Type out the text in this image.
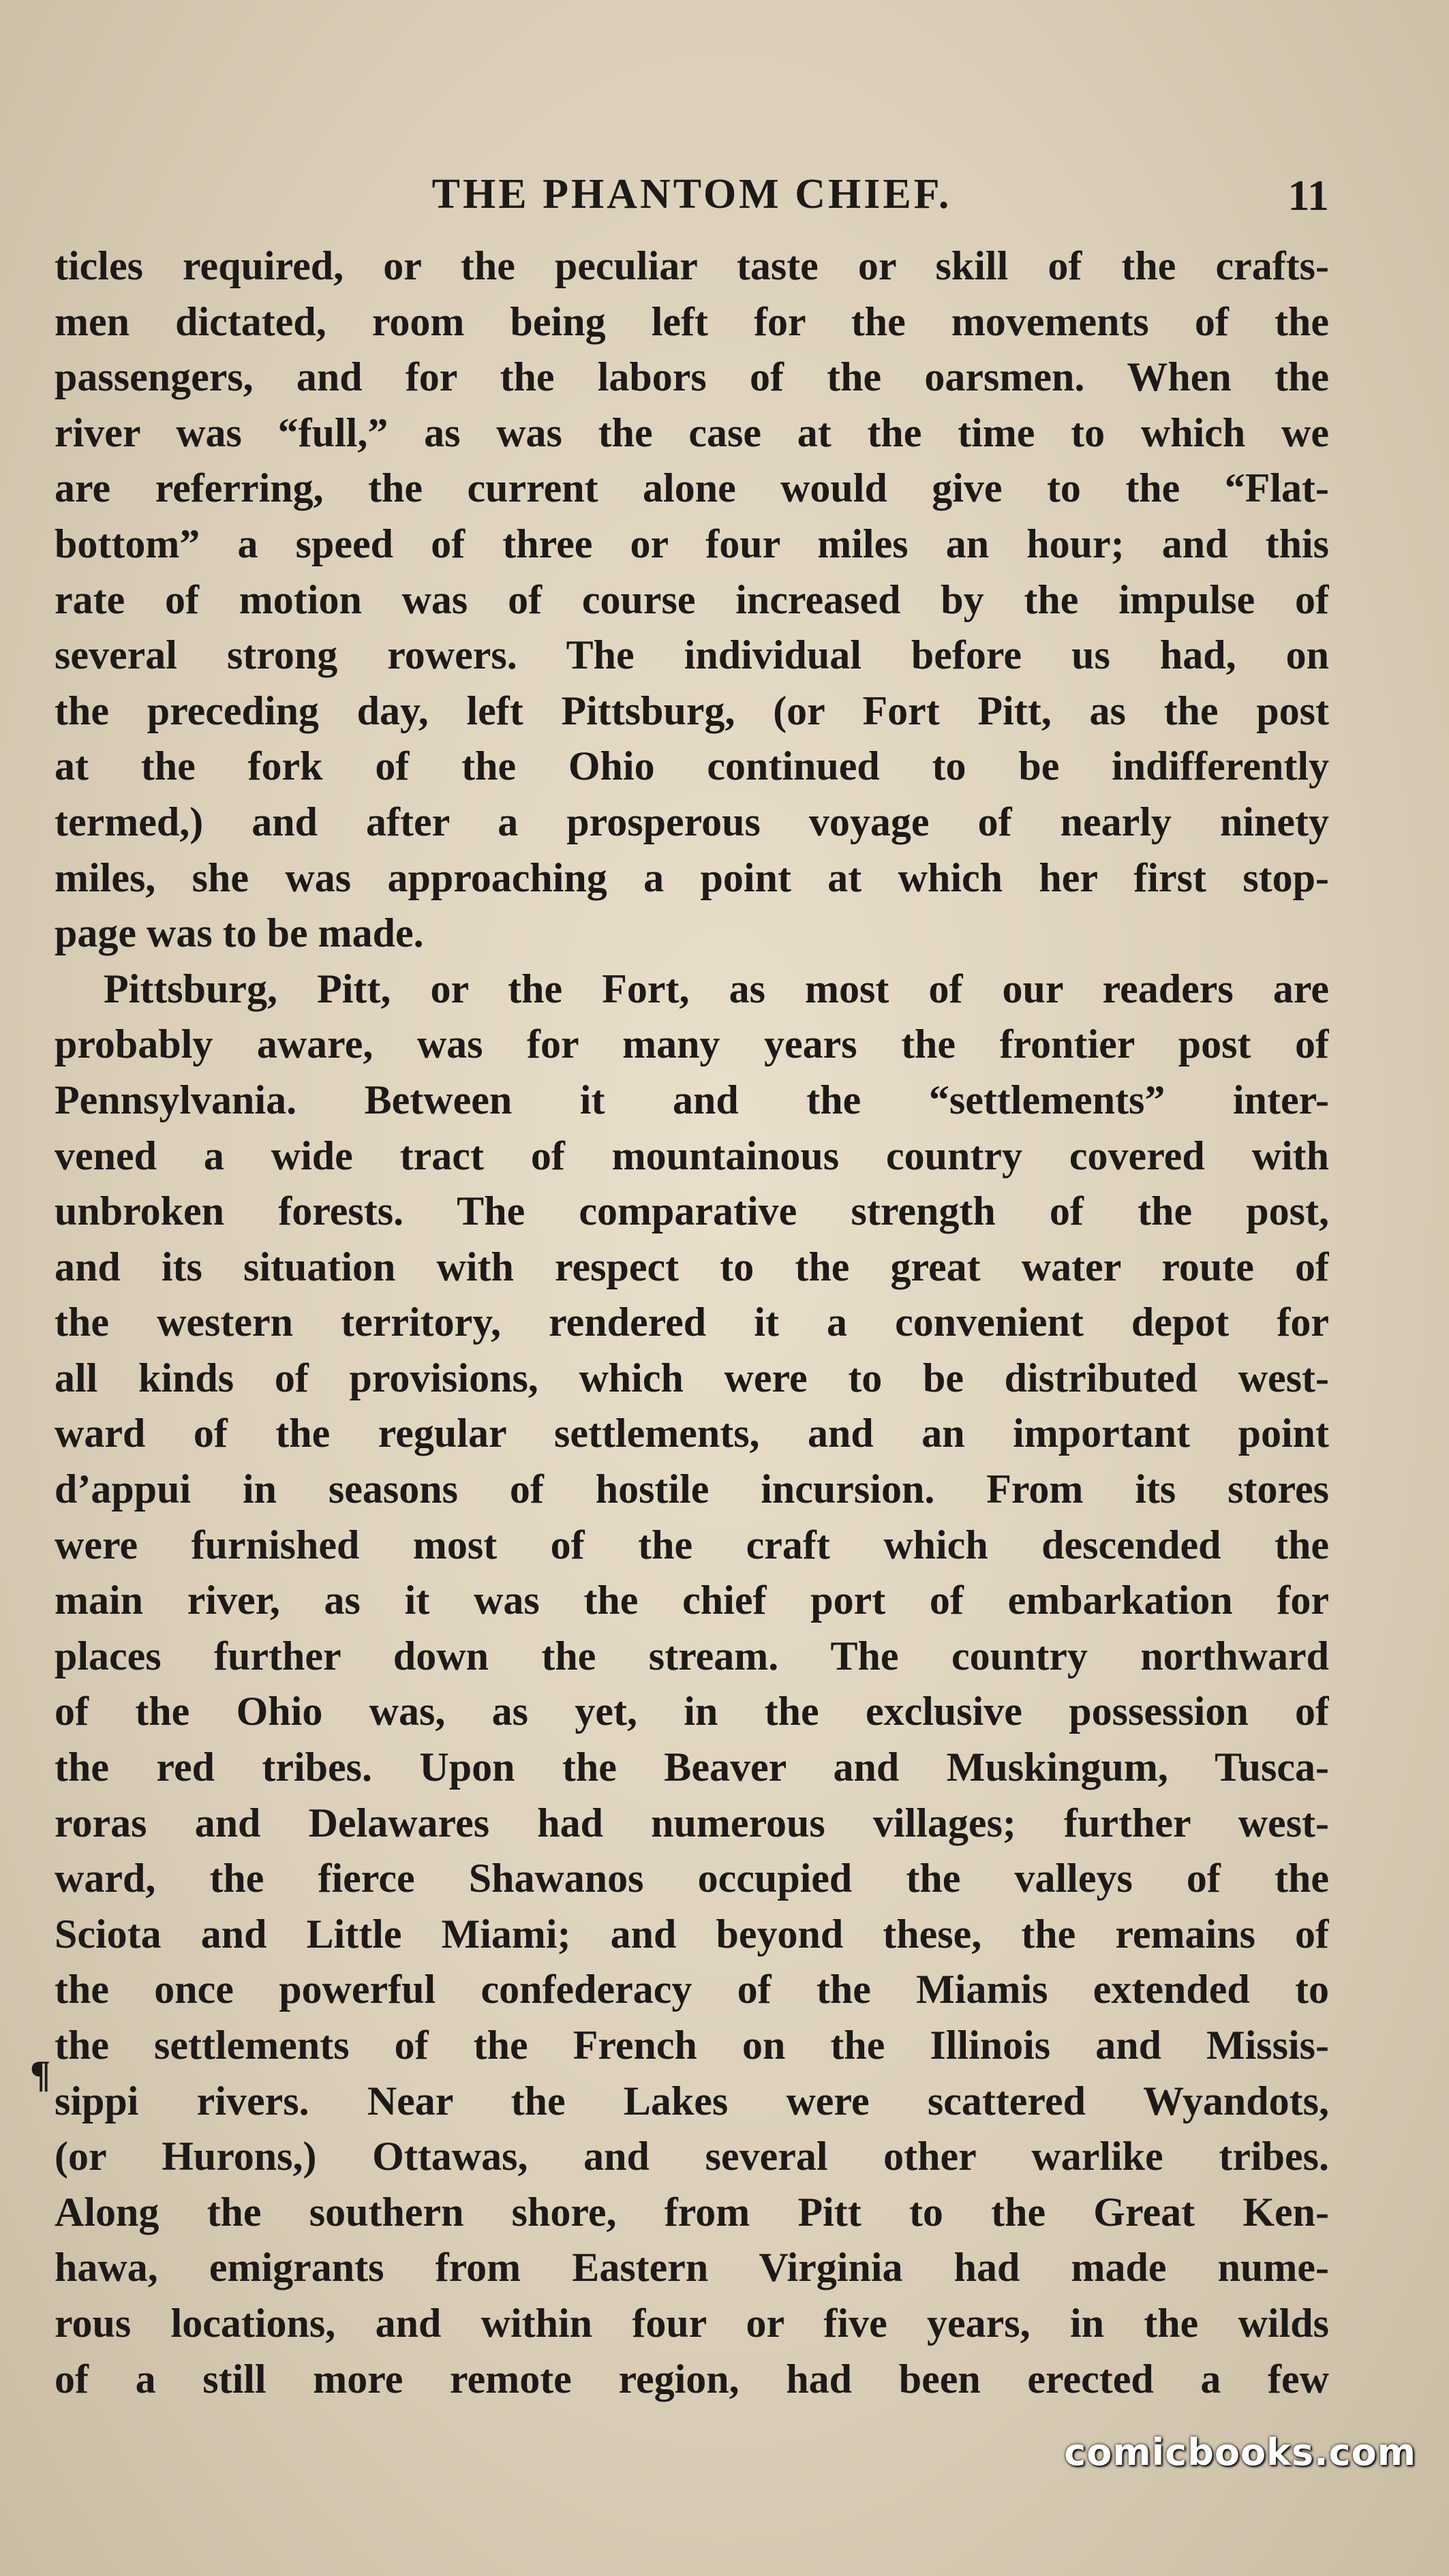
THE PHANTOM CHIEF.	11
ticles required, or the peculiar taste or skill of the crafts-
men dictated, room being left for the movements of the
passengers, and for the labors of the oarsmen. When the
river was “full,” as was the case at the time to which we
are referring, the current alone would give to the “Flat-
bottom” a speed of three or four miles an hour; and this
rate of motion was of course increased by the impulse of
several strong rowers. The individual before us had, on
the preceding day, left Pittsburg, (or Fort Pitt, as the post
at the fork of the Ohio continued to be indifferently
termed,) and after a prosperous voyage of nearly ninety
miles, she was approaching a point at which her first stop-
page was to be made.
Pittsburg, Pitt, or the Fort, as most of our readers are
probably aware, was for many years the frontier post of
Pennsylvania. Between it and the “settlements” inter-
vened a wide tract of mountainous country covered with
unbroken forests. The comparative strength of the post,
and its situation with respect to the great water route of
the western territory, rendered it a convenient depot for
all kinds of provisions, which were to be distributed west-
ward of the regular settlements, and an important point
d’appui in seasons of hostile incursion. From its stores
were furnished most of the craft which descended the
main river, as it was the chief port of embarkation for
places further down the stream. The country northward
of the Ohio was, as yet, in the exclusive possession of
the red tribes. Upon the Beaver and Muskingum, Tusca-
roras and Delawares had numerous villages; further west-
ward, the fierce Shawanos occupied the valleys of the
Sciota and Little Miami; and beyond these, the remains of
the once powerful confederacy of the Miamis extended to
the settlements of the French on the Illinois and Missis-
sippi rivers. Near the Lakes were scattered Wyandots,
(or Hurons,) Ottawas, and several other warlike tribes.
Along the southern shore, from Pitt to the Great Ken-
hawa, emigrants from Eastern Virginia had made nume-
rous locations, and within four or five years, in the wilds
of a still more remote region, had been erected a few
¶
comicbooks.com
